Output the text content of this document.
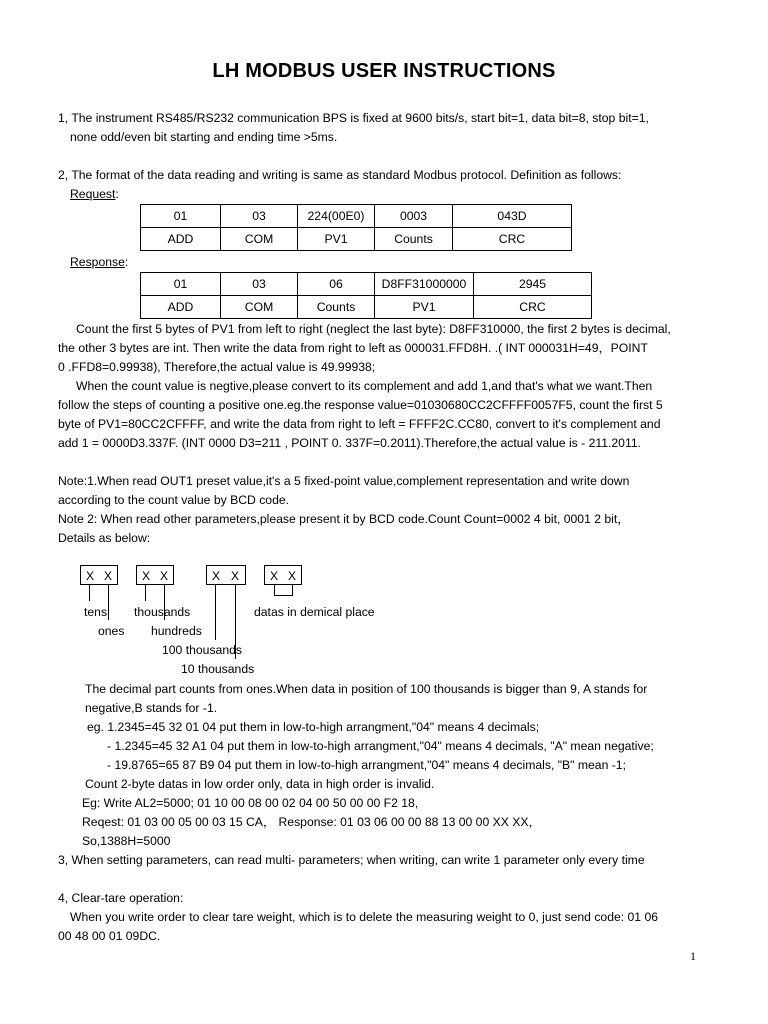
LH MODBUS USER INSTRUCTIONS
1, The instrument RS485/RS232 communication BPS is fixed at 9600 bits/s, start bit=1, data bit=8, stop bit=1,
none odd/even bit starting and ending time >5ms.
2, The format of the data reading and writing is same as standard Modbus protocol. Definition as follows:
Request:
01	03	224(00E0)	0003	043D
ADD	COM	PV1	Counts	CRC
Response:
01	03	06	D8FF31000000	2945
ADD	COM	Counts	PV1	CRC
Count the first 5 bytes of PV1 from left to right (neglect the last byte): D8FF310000, the first 2 bytes is decimal,
the other 3 bytes are int. Then write the data from right to left as 000031.FFD8H. .( INT 000031H=49，POINT
0 .FFD8=0.99938), Therefore,the actual value is 49.99938;
When the count value is negtive,please convert to its complement and add 1,and that's what we want.Then
follow the steps of counting a positive one.eg.the response value=01030680CC2CFFFF0057F5, count the first 5
byte of PV1=80CC2CFFFF, and write the data from right to left = FFFF2C.CC80, convert to it's complement and
add 1 = 0000D3.337F. (INT 0000 D3=211 , POINT 0. 337F=0.2011).Therefore,the actual value is - 211.2011.
Note:1.When read OUT1 preset value,it's a 5 fixed-point value,complement representation and write down
according to the count value by BCD code.
Note 2: When read other parameters,please present it by BCD code.Count Count=0002 4 bit, 0001 2 bit，
Details as below:
X X X X	X X	X X
tens thousands	datas in demical place
ones hundreds
100 thousands
10 thousands
The decimal part counts from ones.When data in position of 100 thousands is bigger than 9, A stands for
negative,B stands for -1.
eg. 1.2345=45 32 01 04 put them in low-to-high arrangment,"04" means 4 decimals;
- 1.2345=45 32 A1 04 put them in low-to-high arrangment,"04" means 4 decimals, "A" mean negative;
- 19.8765=65 87 B9 04 put them in low-to-high arrangment,"04" means 4 decimals, "B" mean -1;
Count 2-byte datas in low order only, data in high order is invalid.
Eg: Write AL2=5000; 01 10 00 08 00 02 04 00 50 00 00 F2 18,
Reqest: 01 03 00 05 00 03 15 CA， Response: 01 03 06 00 00 88 13 00 00 XX XX，
So,1388H=5000
3, When setting parameters, can read multi- parameters; when writing, can write 1 parameter only every time
4, Clear-tare operation:
When you write order to clear tare weight, which is to delete the measuring weight to 0, just send code: 01 06
00 48 00 01 09DC.
1
